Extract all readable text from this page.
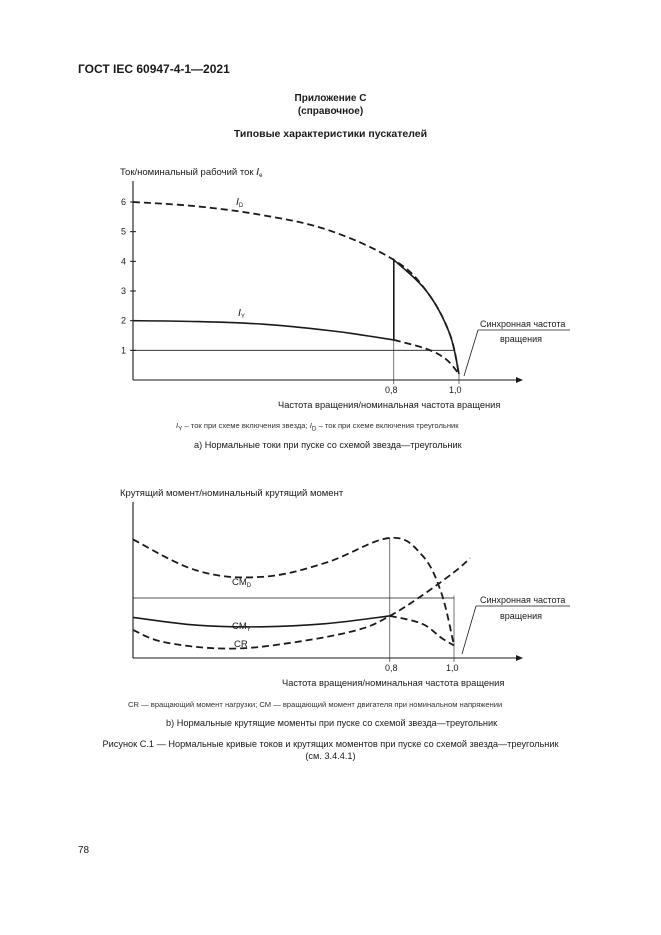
ГОСТ IEC 60947-4-1—2021
Приложение С
(справочное)
Типовые характеристики пускателей
Ток/номинальный рабочий ток $I_e$
1
2
3
4
5
6	ID
IY
0,8	1,0
Частота вращения/номинальная частота вращения
Синхронная частота
вращения
Крутящий момент/номинальный крутящий момент
$CM_D$
$CM_Y$
CR
0,8	1,0
Частота вращения/номинальная частота вращения
Синхронная частота
вращения
$I_Y$ – ток при схеме включения звезда; $I_D$ – ток при схеме включения треугольник
a) Нормальные токи при пуске со схемой звезда—треугольник
CR — вращающий момент нагрузки; СМ — вращающий момент двигателя при номинальном напряжении
b) Нормальные крутящие моменты при пуске со схемой звезда—треугольник
Рисунок С.1 — Нормальные кривые токов и крутящих моментов при пуске со схемой звезда—треугольник
(см. 3.4.4.1)
78
